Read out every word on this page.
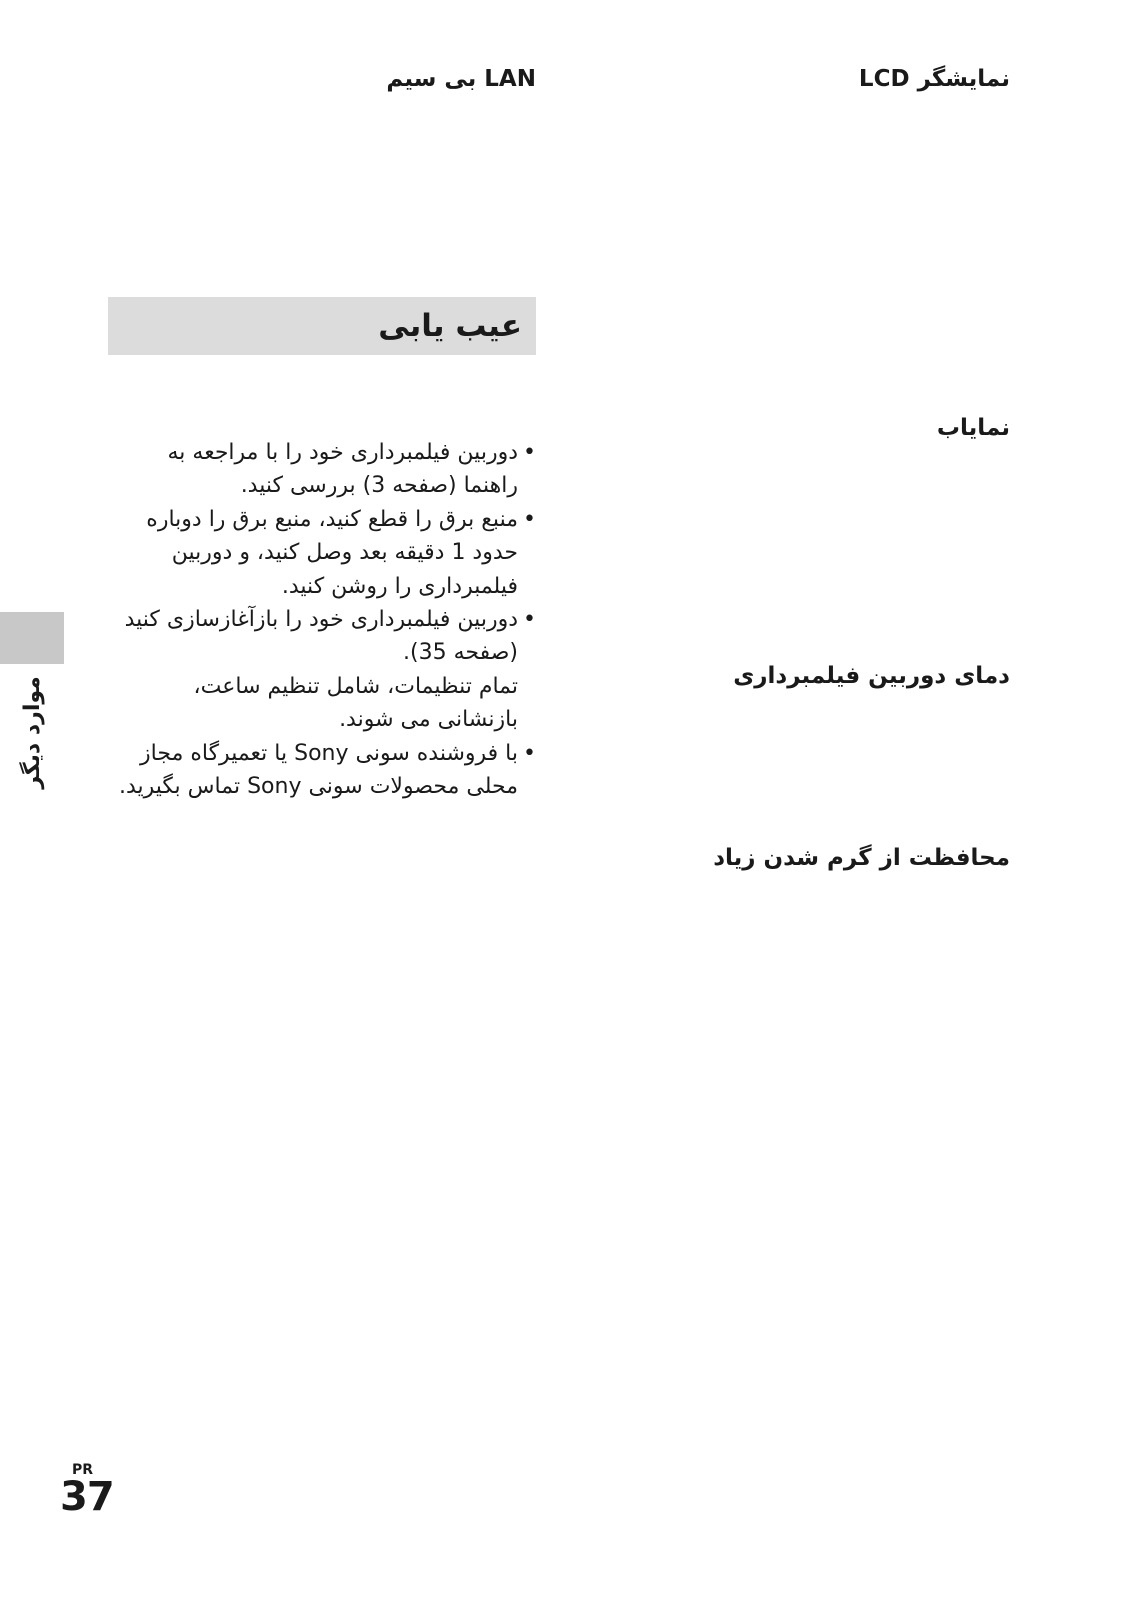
نمایشگر LCD

نمایاب

دمای دوربین فیلمبرداری

محافظت از گرم شدن زیاد

LAN بی سیم

عیب یابی

• دوربین فیلمبرداری خود را با مراجعه به راهنما (صفحه 3) بررسی کنید.
• منبع برق را قطع کنید، منبع برق را دوباره حدود 1 دقیقه بعد وصل کنید، و دوربین فیلمبرداری را روشن کنید.
• دوربین فیلمبرداری خود را بازآغازسازی کنید (صفحه 35).
تمام تنظیمات، شامل تنظیم ساعت، بازنشانی می شوند.
• با فروشنده سونی Sony یا تعمیرگاه مجاز محلی محصولات سونی Sony تماس بگیرید.
موارد دیگر
PR
37
